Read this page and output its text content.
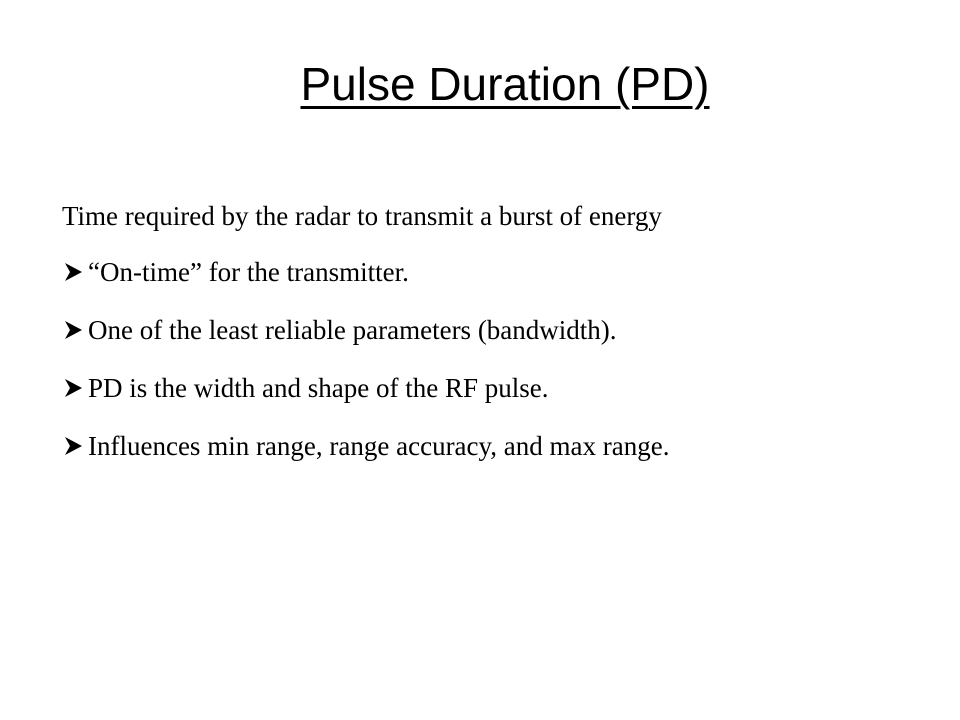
Pulse Duration (PD)
Time required by the radar to transmit a burst of energy
“On-time” for the transmitter.
One of the least reliable parameters (bandwidth).
PD is the width and shape of the RF pulse.
Influences min range, range accuracy, and max range.
